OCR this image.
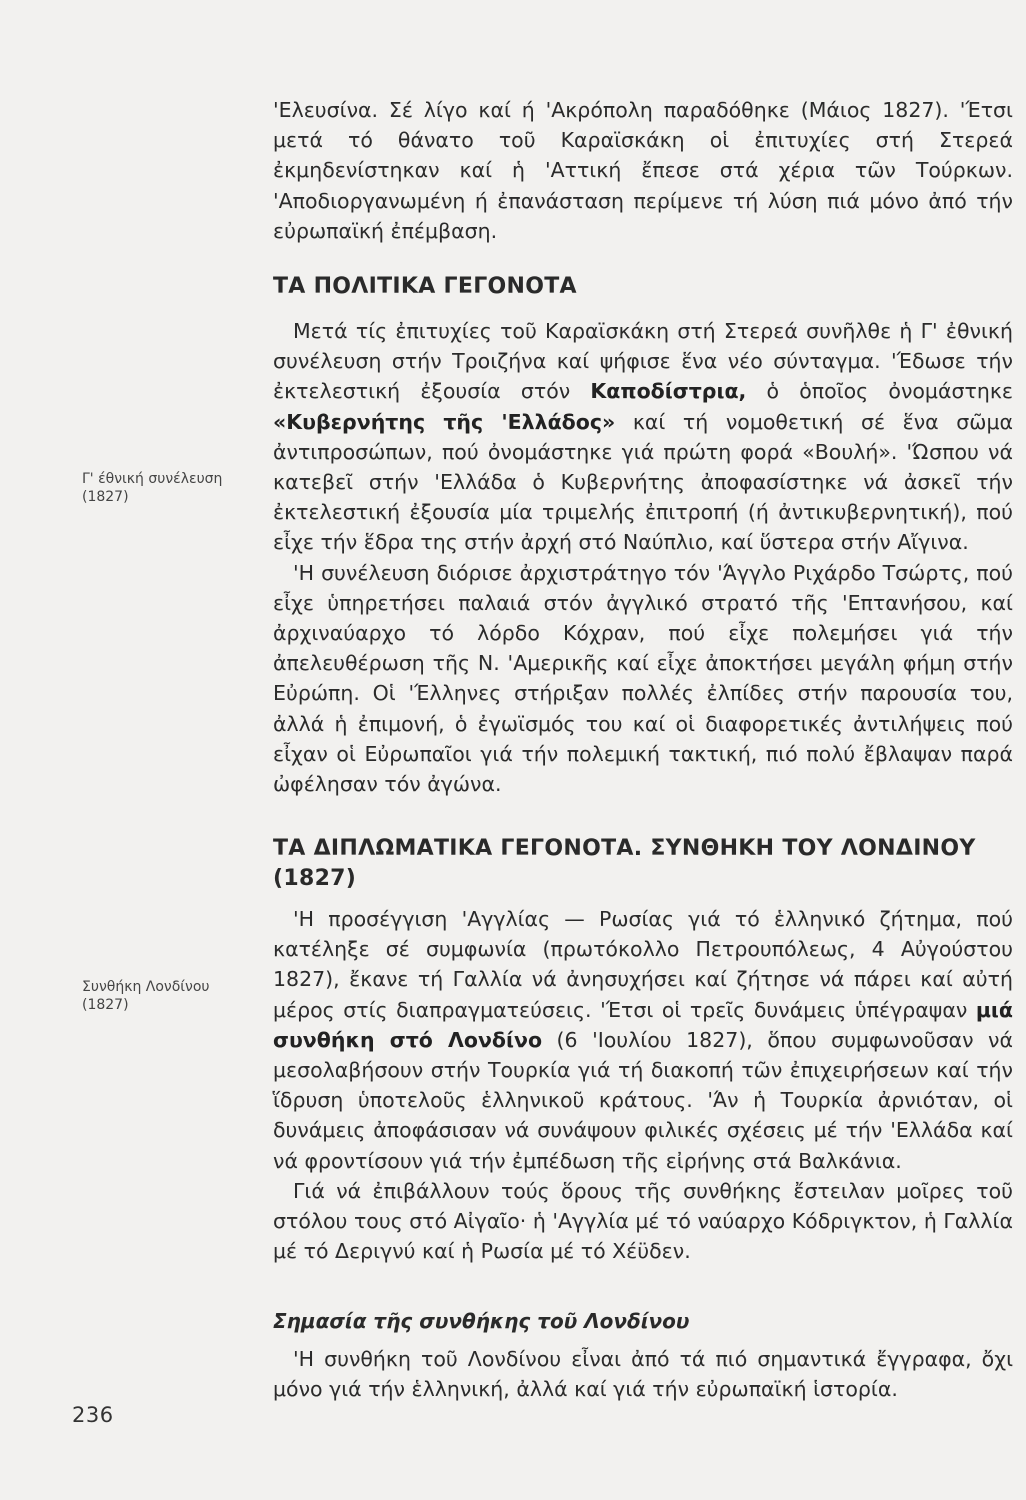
Γ' έθνική συνέλευση
(1827)
Συνθήκη Λονδίνου
(1827)
236

'Ελευσίνα. Σέ λίγο καί ή 'Ακρόπολη παραδόθηκε (Μάιος 1827). 'Έτσι μετά τό θάνατο τοῦ Καραϊσκάκη οἱ ἐπιτυχίες στή Στερεά ἐκμηδενίστηκαν καί ἡ 'Αττική ἔπεσε στά χέρια τῶν Τούρκων. 'Αποδιοργανωμένη ή ἐπανάσταση περίμενε τή λύση πιά μόνο ἀπό τήν εὐρωπαϊκή ἐπέμβαση.

ΤΑ ΠΟΛΙΤΙΚΑ ΓΕΓΟΝΟΤΑ

Μετά τίς ἐπιτυχίες τοῦ Καραϊσκάκη στή Στερεά συνῆλθε ἡ Γ' ἐθνική συνέλευση στήν Τροιζήνα καί ψήφισε ἕνα νέο σύνταγμα. 'Έδωσε τήν ἐκτελεστική ἐξουσία στόν Καποδίστρια, ὁ ὁποῖος ὀνομάστηκε «Κυβερνήτης τῆς 'Ελλάδος» καί τή νομοθετική σέ ἕνα σῶμα ἀντιπροσώπων, πού ὀνομάστηκε γιά πρώτη φορά «Βουλή». 'Ώσπου νά κατεβεῖ στήν 'Ελλάδα ὁ Κυβερνήτης ἀποφασίστηκε νά ἀσκεῖ τήν ἐκτελεστική ἐξουσία μία τριμελής ἐπιτροπή (ή ἀντικυβερνητική), πού εἶχε τήν ἕδρα της στήν ἀρχή στό Ναύπλιο, καί ὕστερα στήν Αἴγινα.

'Η συνέλευση διόρισε ἀρχιστράτηγο τόν 'Άγγλο Ριχάρδο Τσώρτς, πού εἶχε ὑπηρετήσει παλαιά στόν ἀγγλικό στρατό τῆς 'Επτανήσου, καί ἀρχιναύαρχο τό λόρδο Κόχραν, πού εἶχε πολεμήσει γιά τήν ἀπελευθέρωση τῆς Ν. 'Αμερικῆς καί εἶχε ἀποκτήσει μεγάλη φήμη στήν Εὐρώπη. Οἱ 'Έλληνες στήριξαν πολλές ἐλπίδες στήν παρουσία του, ἀλλά ἡ ἐπιμονή, ὁ ἐγωϊσμός του καί οἱ διαφορετικές ἀντιλήψεις πού εἶχαν οἱ Εὐρωπαῖοι γιά τήν πολεμική τακτική, πιό πολύ ἔβλαψαν παρά ὠφέλησαν τόν ἀγώνα.

ΤΑ ΔΙΠΛΩΜΑΤΙΚΑ ΓΕΓΟΝΟΤΑ. ΣΥΝΘΗΚΗ ΤΟΥ ΛΟΝΔΙΝΟΥ (1827)

'Η προσέγγιση 'Αγγλίας — Ρωσίας γιά τό ἑλληνικό ζήτημα, πού κατέληξε σέ συμφωνία (πρωτόκολλο Πετρουπόλεως, 4 Αὐγούστου 1827), ἔκανε τή Γαλλία νά ἀνησυχήσει καί ζήτησε νά πάρει καί αὐτή μέρος στίς διαπραγματεύσεις. 'Έτσι οἱ τρεῖς δυνάμεις ὑπέγραψαν μιά συνθήκη στό Λονδίνο (6 'Ιουλίου 1827), ὅπου συμφωνοῦσαν νά μεσολαβήσουν στήν Τουρκία γιά τή διακοπή τῶν ἐπιχειρήσεων καί τήν ἵδρυση ὑποτελοῦς ἑλληνικοῦ κράτους. 'Άν ἡ Τουρκία ἀρνιόταν, οἱ δυνάμεις ἀποφάσισαν νά συνάψουν φιλικές σχέσεις μέ τήν 'Ελλάδα καί νά φροντίσουν γιά τήν ἐμπέδωση τῆς εἰρήνης στά Βαλκάνια.

Γιά νά ἐπιβάλλουν τούς ὅρους τῆς συνθήκης ἔστειλαν μοῖρες τοῦ στόλου τους στό Αἰγαῖο· ἡ 'Αγγλία μέ τό ναύαρχο Κόδριγκτον, ἡ Γαλλία μέ τό Δεριγνύ καί ἡ Ρωσία μέ τό Χέϋδεν.

Σημασία τῆς συνθήκης τοῦ Λονδίνου

'Η συνθήκη τοῦ Λονδίνου εἶναι ἀπό τά πιό σημαντικά ἔγγραφα, ὄχι μόνο γιά τήν ἑλληνική, ἀλλά καί γιά τήν εὐρωπαϊκή ἱστορία.
